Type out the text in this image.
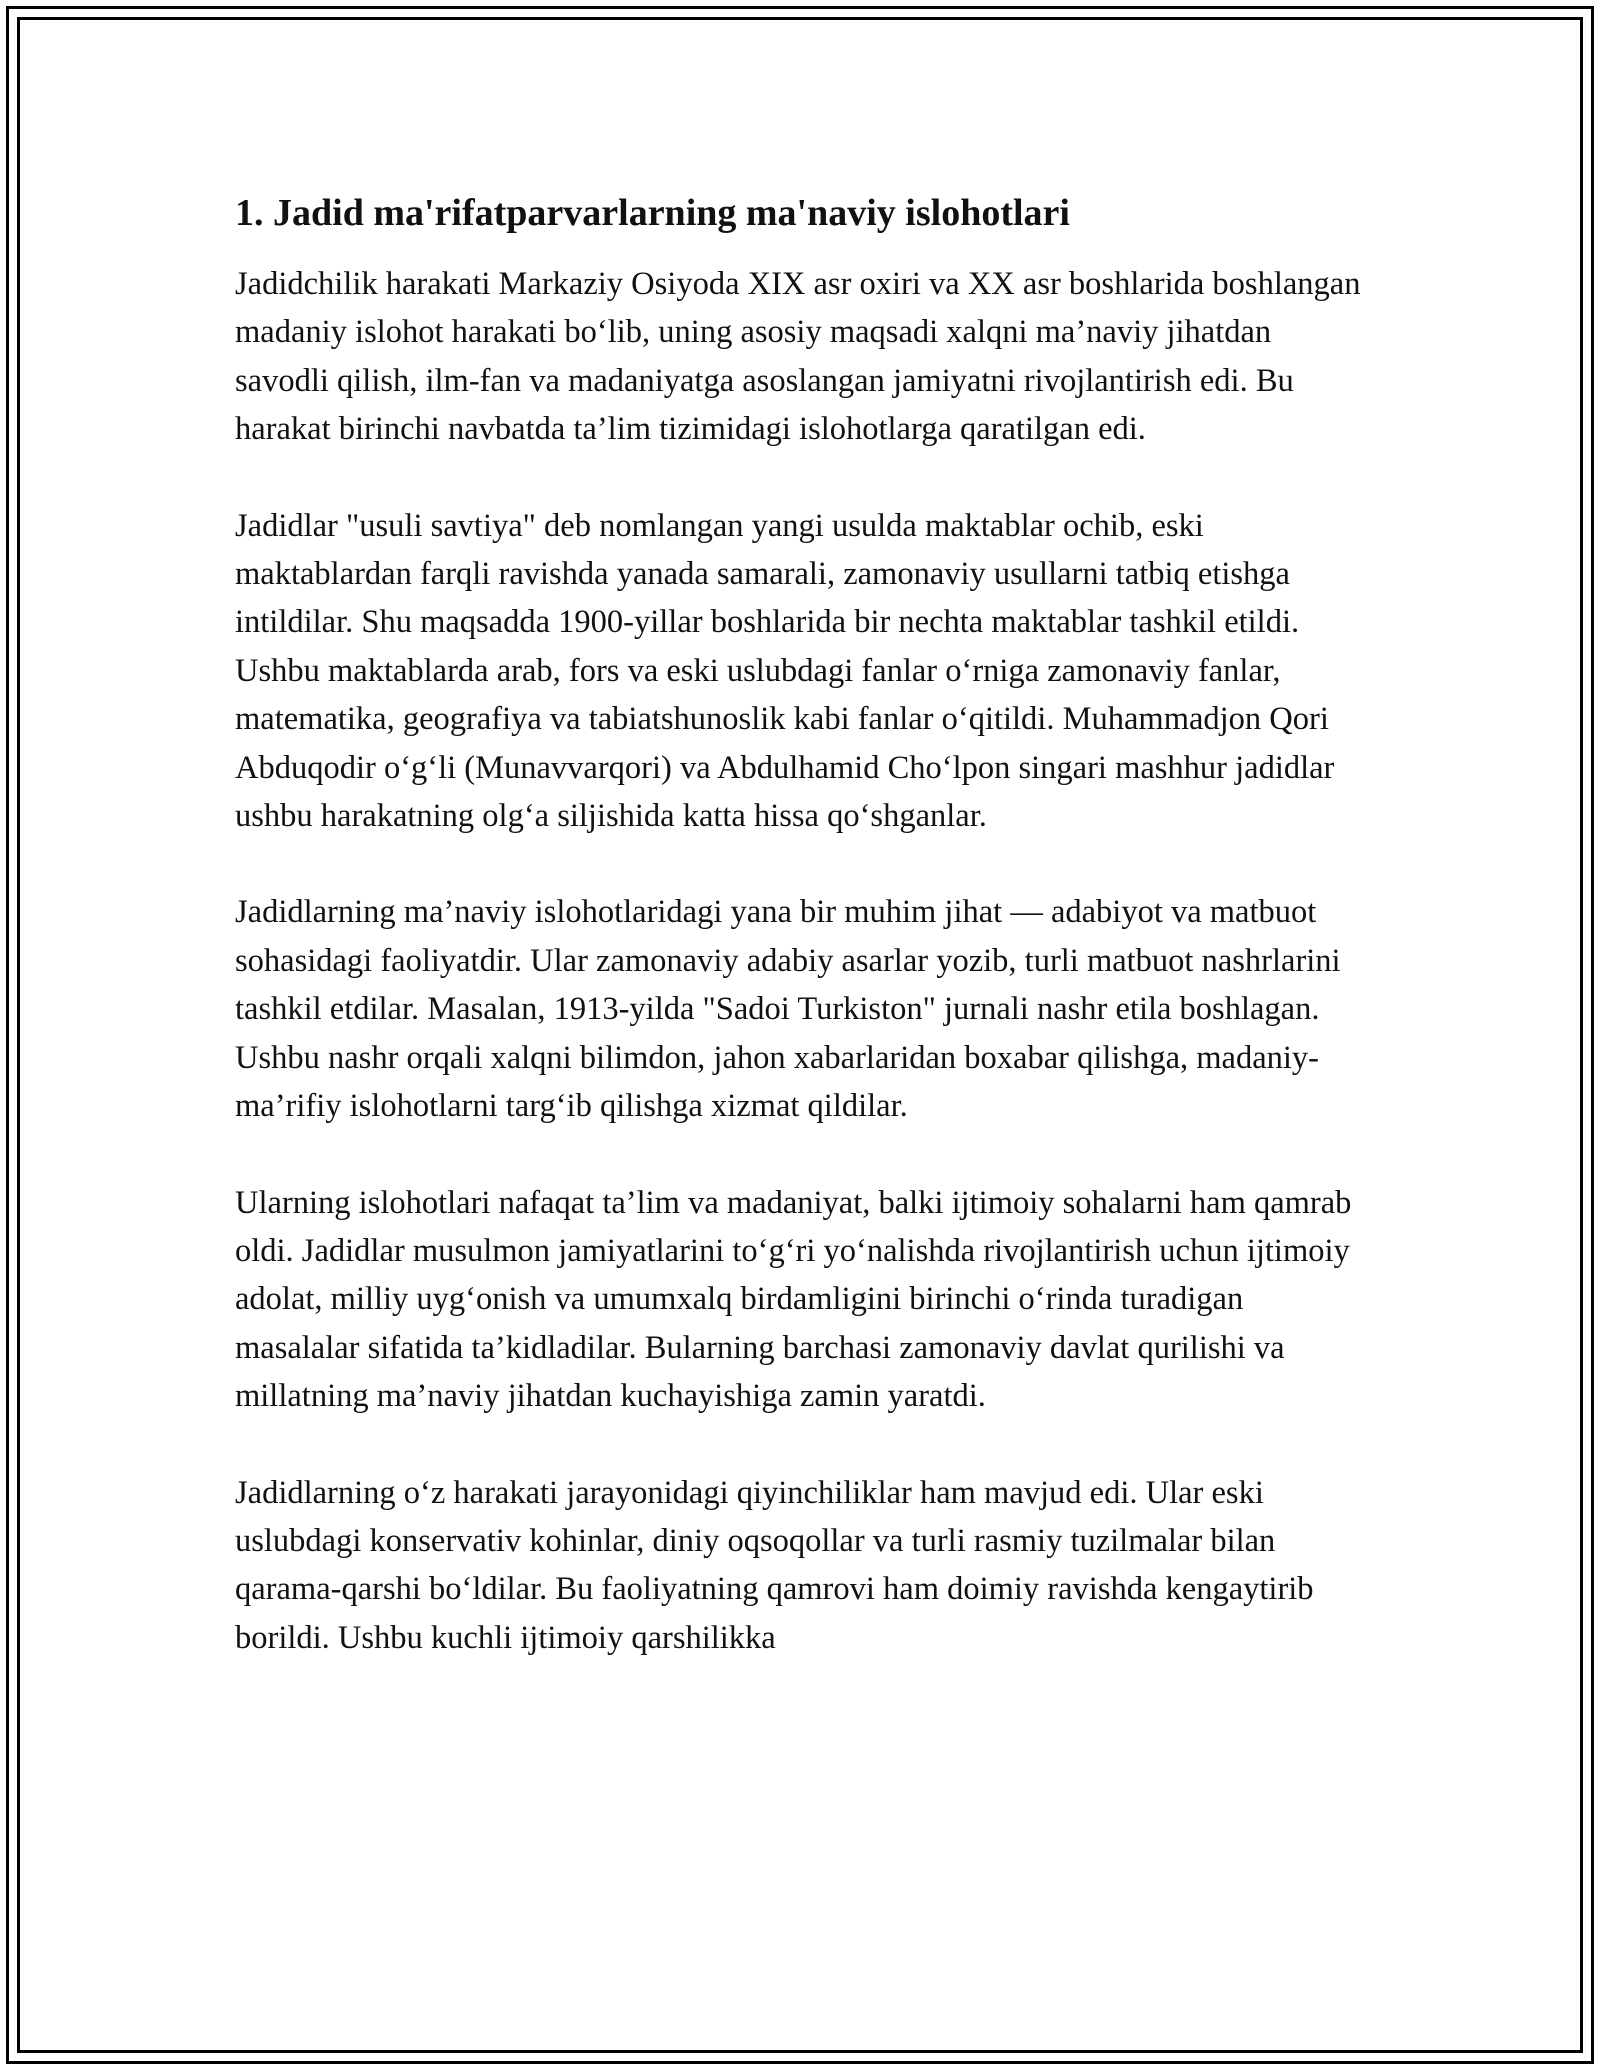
1. Jadid ma'rifatparvarlarning ma'naviy islohotlari

Jadidchilik harakati Markaziy Osiyoda XIX asr oxiri va XX asr boshlarida boshlangan madaniy islohot harakati bo‘lib, uning asosiy maqsadi xalqni ma’naviy jihatdan savodli qilish, ilm-fan va madaniyatga asoslangan jamiyatni rivojlantirish edi. Bu harakat birinchi navbatda ta’lim tizimidagi islohotlarga qaratilgan edi.

Jadidlar "usuli savtiya" deb nomlangan yangi usulda maktablar ochib, eski maktablardan farqli ravishda yanada samarali, zamonaviy usullarni tatbiq etishga intildilar. Shu maqsadda 1900-yillar boshlarida bir nechta maktablar tashkil etildi. Ushbu maktablarda arab, fors va eski uslubdagi fanlar o‘rniga zamonaviy fanlar, matematika, geografiya va tabiatshunoslik kabi fanlar o‘qitildi. Muhammadjon Qori Abduqodir o‘g‘li (Munavvarqori) va Abdulhamid Cho‘lpon singari mashhur jadidlar ushbu harakatning olg‘a siljishida katta hissa qo‘shganlar.

Jadidlarning ma’naviy islohotlaridagi yana bir muhim jihat — adabiyot va matbuot sohasidagi faoliyatdir. Ular zamonaviy adabiy asarlar yozib, turli matbuot nashrlarini tashkil etdilar. Masalan, 1913-yilda "Sadoi Turkiston" jurnali nashr etila boshlagan. Ushbu nashr orqali xalqni bilimdon, jahon xabarlaridan boxabar qilishga, madaniy-ma’rifiy islohotlarni targ‘ib qilishga xizmat qildilar.

Ularning islohotlari nafaqat ta’lim va madaniyat, balki ijtimoiy sohalarni ham qamrab oldi. Jadidlar musulmon jamiyatlarini to‘g‘ri yo‘nalishda rivojlantirish uchun ijtimoiy adolat, milliy uyg‘onish va umumxalq birdamligini birinchi o‘rinda turadigan masalalar sifatida ta’kidladilar. Bularning barchasi zamonaviy davlat qurilishi va millatning ma’naviy jihatdan kuchayishiga zamin yaratdi.

Jadidlarning o‘z harakati jarayonidagi qiyinchiliklar ham mavjud edi. Ular eski uslubdagi konservativ kohinlar, diniy oqsoqollar va turli rasmiy tuzilmalar bilan qarama-qarshi bo‘ldilar. Bu faoliyatning qamrovi ham doimiy ravishda kengaytirib borildi. Ushbu kuchli ijtimoiy qarshilikka
